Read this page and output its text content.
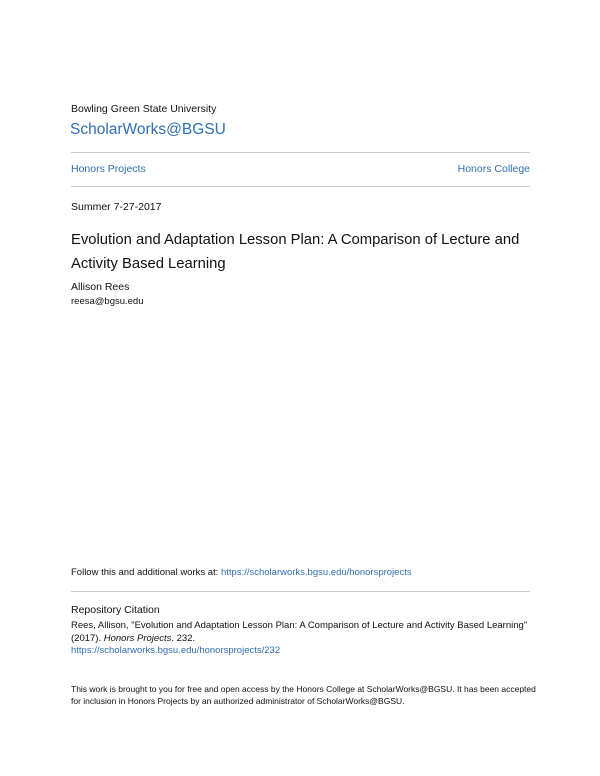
Bowling Green State University

ScholarWorks@BGSU
Honors Projects	Honors College

Summer 7-27-2017

Evolution and Adaptation Lesson Plan: A Comparison of Lecture and Activity Based Learning

Allison Rees

reesa@bgsu.edu

Follow this and additional works at: https://scholarworks.bgsu.edu/honorsprojects

Repository Citation

Rees, Allison, "Evolution and Adaptation Lesson Plan: A Comparison of Lecture and Activity Based Learning" (2017). Honors Projects. 232.

https://scholarworks.bgsu.edu/honorsprojects/232

This work is brought to you for free and open access by the Honors College at ScholarWorks@BGSU. It has been accepted for inclusion in Honors Projects by an authorized administrator of ScholarWorks@BGSU.
